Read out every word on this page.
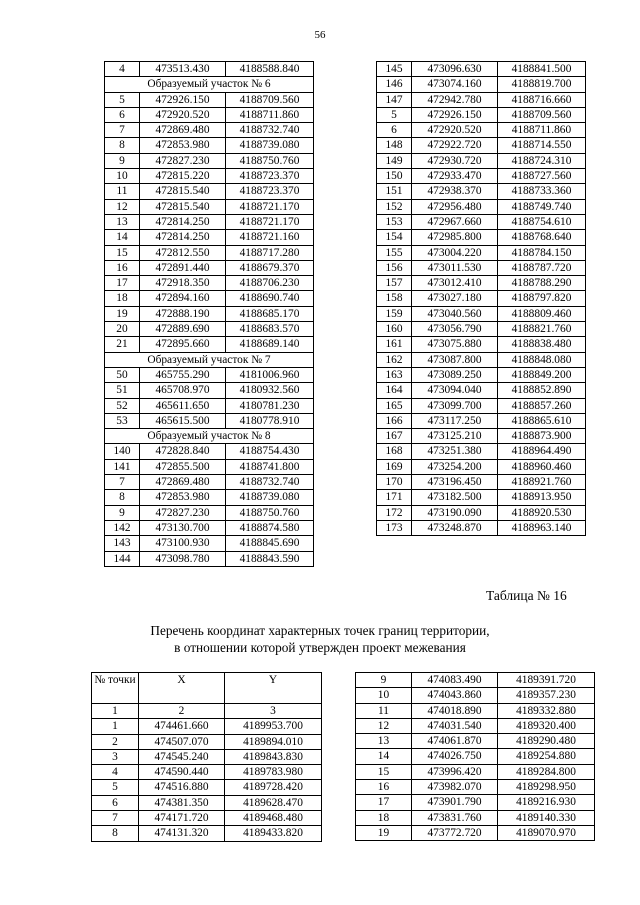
56
4	473513.430	4188588.840
Образуемый участок № 6		
5	472926.150	4188709.560
6	472920.520	4188711.860
7	472869.480	4188732.740
8	472853.980	4188739.080
9	472827.230	4188750.760
10	472815.220	4188723.370
11	472815.540	4188723.370
12	472815.540	4188721.170
13	472814.250	4188721.170
14	472814.250	4188721.160
15	472812.550	4188717.280
16	472891.440	4188679.370
17	472918.350	4188706.230
18	472894.160	4188690.740
19	472888.190	4188685.170
20	472889.690	4188683.570
21	472895.660	4188689.140
Образуемый участок № 7		
50	465755.290	4181006.960
51	465708.970	4180932.560
52	465611.650	4180781.230
53	465615.500	4180778.910
Образуемый участок № 8		
140	472828.840	4188754.430
141	472855.500	4188741.800
7	472869.480	4188732.740
8	472853.980	4188739.080
9	472827.230	4188750.760
142	473130.700	4188874.580
143	473100.930	4188845.690
144	473098.780	4188843.590
145	473096.630	4188841.500
146	473074.160	4188819.700
147	472942.780	4188716.660
5	472926.150	4188709.560
6	472920.520	4188711.860
148	472922.720	4188714.550
149	472930.720	4188724.310
150	472933.470	4188727.560
151	472938.370	4188733.360
152	472956.480	4188749.740
153	472967.660	4188754.610
154	472985.800	4188768.640
155	473004.220	4188784.150
156	473011.530	4188787.720
157	473012.410	4188788.290
158	473027.180	4188797.820
159	473040.560	4188809.460
160	473056.790	4188821.760
161	473075.880	4188838.480
162	473087.800	4188848.080
163	473089.250	4188849.200
164	473094.040	4188852.890
165	473099.700	4188857.260
166	473117.250	4188865.610
167	473125.210	4188873.900
168	473251.380	4188964.490
169	473254.200	4188960.460
170	473196.450	4188921.760
171	473182.500	4188913.950
172	473190.090	4188920.530
173	473248.870	4188963.140
Таблица № 16
Перечень координат характерных точек границ территории,
в отношении которой утвержден проект межевания
№ точки	X	Y
1	2	3
1	474461.660	4189953.700
2	474507.070	4189894.010
3	474545.240	4189843.830
4	474590.440	4189783.980
5	474516.880	4189728.420
6	474381.350	4189628.470
7	474171.720	4189468.480
8	474131.320	4189433.820
9	474083.490	4189391.720
10	474043.860	4189357.230
11	474018.890	4189332.880
12	474031.540	4189320.400
13	474061.870	4189290.480
14	474026.750	4189254.880
15	473996.420	4189284.800
16	473982.070	4189298.950
17	473901.790	4189216.930
18	473831.760	4189140.330
19	473772.720	4189070.970
